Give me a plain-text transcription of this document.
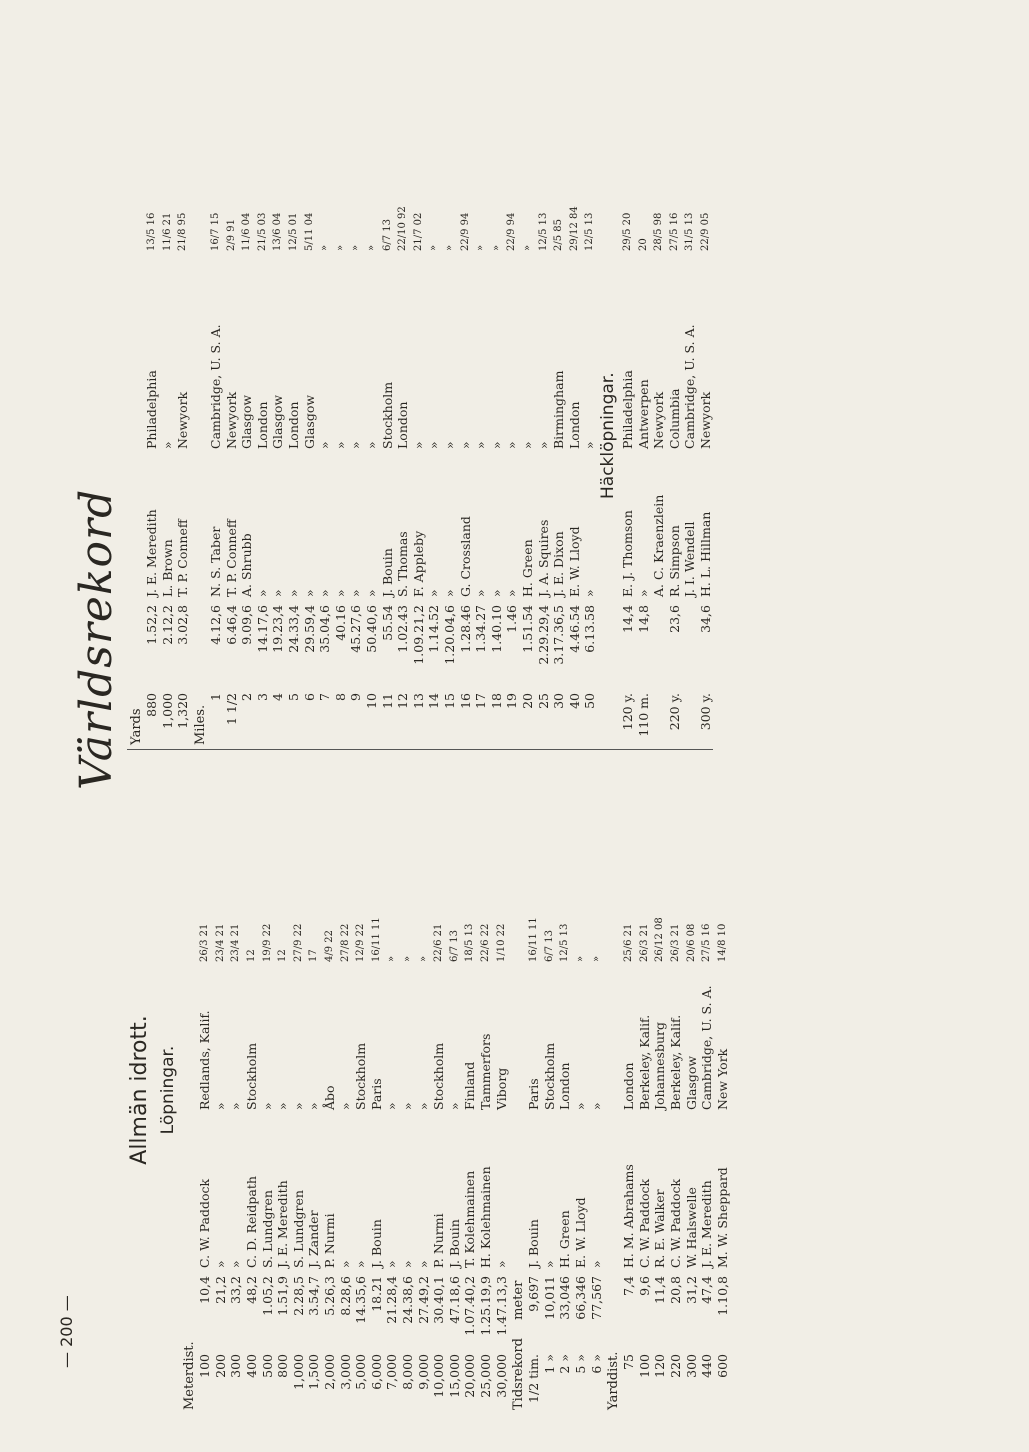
— 200 —
Världsrekord
Allmän idrott. Löpningar.
Meterdist. 100	10,4	C. W. Paddock	Redlands, Kalif.	26/3 21
200	21,2	»	»	23/4 21
300	33,2	»	»	23/4 21
400	48,2	C. D. Reidpath	Stockholm	12
500	1.05,2	S. Lundgren	»	19/9 22
800	1.51,9	J. E. Meredith	»	12
1,000	2.28,5	S. Lundgren	»	27/9 22
1,500	3.54,7	J. Zander	»	17
2,000	5.26,3	P. Nurmi	Åbo	4/9 22
3,000	8.28,6	»	»	27/8 22
5,000	14.35,6	»	Stockholm	12/9 22
6,000	18.21	J. Bouin	Paris	16/11 11
7,000	21.28,4	»	»	»
8,000	24.38,6	»	»	»
9,000	27.49,2	»	»	»
10,000	30.40,1	P. Nurmi	Stockholm	22/6 21
15,000	47.18,6	J. Bouin	»	6/7 13
20,000	1.07.40,2	T. Kolehmainen	Finland	18/5 13
25,000	1.25.19,9	H. Kolehmainen	Tammerfors	22/6 22
30,000	1.47.13,3	»	Viborg	1/10 22
Tidsrekord meter
1/2 tim.	9,697	J. Bouin	Paris	16/11 11
1 »	10,011	»	Stockholm	6/7 13
2 »	33,046	H. Green	London	12/5 13
5 »	66,346	E. W. Lloyd	»	»
6 »	77,567	»	»	»
Yarddist. 75	7,4	H. M. Abrahams	London	25/6 21
100	9,6	C. W. Paddock	Berkeley, Kalif.	26/3 21
120	11,4	R. E. Walker	Johannesburg	26/12 08
220	20,8	C. W. Paddock	Berkeley, Kalif.	26/3 21
300	31,2	W. Halswelle	Glasgow	20/6 08
440	47,4	J. E. Meredith	Cambridge, U. S. A.	27/5 16
600	1.10,8	M. W. Sheppard	New York	14/8 10
Yards
880	1.52,2	J. E. Meredith	Philadelphia	13/5 16
1,000	2.12,2	L. Brown	»	11/6 21
1,320	3.02,8	T. P. Conneff	Newyork	21/8 95
Miles.
1	4.12,6	N. S. Taber	Cambridge, U. S. A.	16/7 15
1 1/2	6.46,4	T. P. Conneff	Newyork	2/9 91
2	9.09,6	A. Shrubb	Glasgow	11/6 04
3	14.17,6	»	London	21/5 03
4	19.23,4	»	Glasgow	13/6 04
5	24.33,4	»	London	12/5 01
6	29.59,4	»	Glasgow	5/11 04
7	35.04,6	»	»	»
8	40.16	»	»	»
9	45.27,6	»	»	»
10	50.40,6	»	»	»
11	55.54	J. Bouin	Stockholm	6/7 13
12	1.02.43	S. Thomas	London	22/10 92
13	1.09.21,2	F. Appleby	»	21/7 02
14	1.14.52	»	»	»
15	1.20.04,6	»	»	»
16	1.28.46	G. Crossland	»	22/9 94
17	1.34.27	»	»	»
18	1.40.10	»	»	»
19	1.46	»	»	22/9 94
20	1.51.54	H. Green	»	»
25	2.29.29,4	J. A. Squires	»	12/5 13
30	3.17.36,5	J. E. Dixon	Birmingham	2/5 85
40	4.46.54	E. W. Lloyd	London	29/12 84
50	6.13.58	»	»	12/5 13
Häcklöpningar.
120 y.	14,4	E. J. Thomson	Philadelphia	29/5 20
110 m.	14,8	»	Antwerpen	20
		A. C. Kraenzlein	Newyork	28/5 98
220 y.	23,6	R. Simpson	Columbia	27/5 16
		J. I. Wendell	Cambridge, U. S. A.	31/5 13
300 y.	34,6	H. L. Hillman	Newyork	22/9 05
